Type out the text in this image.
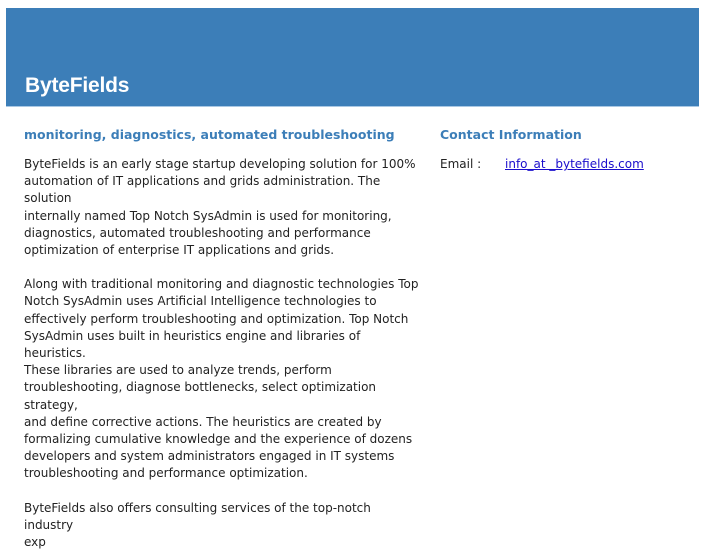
ByteFields
monitoring, diagnostics, automated troubleshooting

ByteFields is an early stage startup developing solution for 100%
automation of IT applications and grids administration. The solution
internally named Top Notch SysAdmin is used for monitoring,
diagnostics, automated troubleshooting and performance
optimization of enterprise IT applications and grids.

Along with traditional monitoring and diagnostic technologies Top
Notch SysAdmin uses Artificial Intelligence technologies to
effectively perform troubleshooting and optimization. Top Notch
SysAdmin uses built in heuristics engine and libraries of heuristics.
These libraries are used to analyze trends, perform
troubleshooting, diagnose bottlenecks, select optimization strategy,
and define corrective actions. The heuristics are created by
formalizing cumulative knowledge and the experience of dozens
developers and system administrators engaged in IT systems
troubleshooting and performance optimization.

ByteFields also offers consulting services of the top-notch industry
exp

Contact Information
Email :	info_at _bytefields.com
